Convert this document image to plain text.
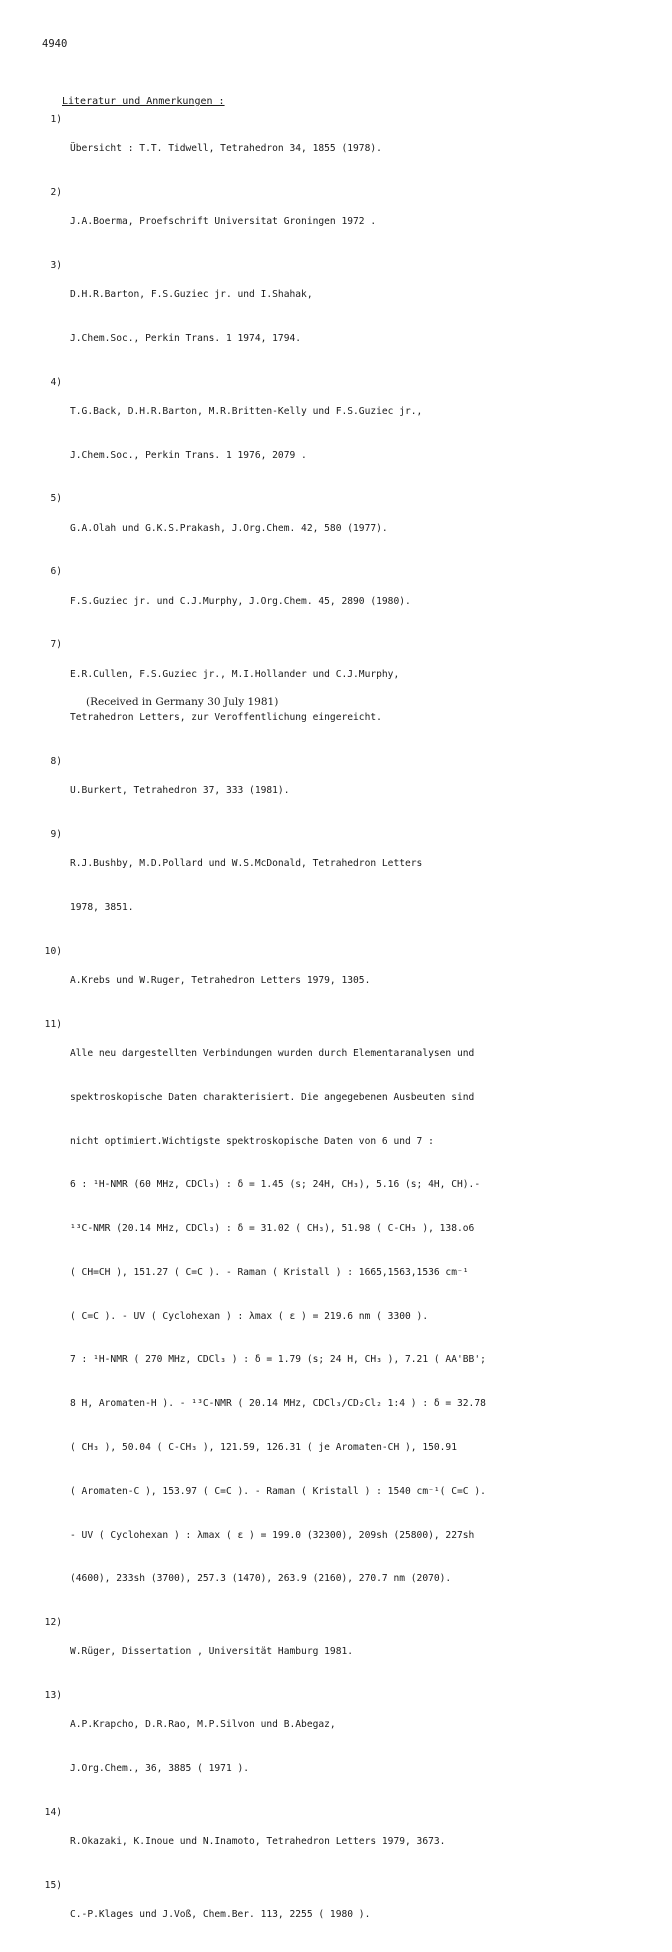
4940
Literatur und Anmerkungen :
1)

Übersicht : T.T. Tidwell, Tetrahedron 34, 1855 (1978).

2)

J.A.Boerma, Proefschrift Universitat Groningen 1972 .

3)

D.H.R.Barton, F.S.Guziec jr. und I.Shahak,

J.Chem.Soc., Perkin Trans. 1 1974, 1794.

4)

T.G.Back, D.H.R.Barton, M.R.Britten-Kelly und F.S.Guziec jr.,

J.Chem.Soc., Perkin Trans. 1 1976, 2079 .

5)

G.A.Olah und G.K.S.Prakash, J.Org.Chem. 42, 580 (1977).

6)

F.S.Guziec jr. und C.J.Murphy, J.Org.Chem. 45, 2890 (1980).

7)

E.R.Cullen, F.S.Guziec jr., M.I.Hollander und C.J.Murphy,

Tetrahedron Letters, zur Veroffentlichung eingereicht.

8)

U.Burkert, Tetrahedron 37, 333 (1981).

9)

R.J.Bushby, M.D.Pollard und W.S.McDonald, Tetrahedron Letters

1978, 3851.

10)

A.Krebs und W.Ruger, Tetrahedron Letters 1979, 1305.

11)

Alle neu dargestellten Verbindungen wurden durch Elementaranalysen und

spektroskopische Daten charakterisiert. Die angegebenen Ausbeuten sind

nicht optimiert.Wichtigste spektroskopische Daten von 6 und 7 :

6 : ¹H-NMR (60 MHz, CDCl₃) : δ = 1.45 (s; 24H, CH₃), 5.16 (s; 4H, CH).-

¹³C-NMR (20.14 MHz, CDCl₃) : δ = 31.02 ( CH₃), 51.98 ( C-CH₃ ), 138.o6

( CH=CH ), 151.27 ( C=C ). - Raman ( Kristall ) : 1665,1563,1536 cm⁻¹

( C=C ). - UV ( Cyclohexan ) : λmax ( ε ) = 219.6 nm ( 3300 ).

7 : ¹H-NMR ( 270 MHz, CDCl₃ ) : δ = 1.79 (s; 24 H, CH₃ ), 7.21 ( AA'BB';

8 H, Aromaten-H ). - ¹³C-NMR ( 20.14 MHz, CDCl₃/CD₂Cl₂ 1:4 ) : δ = 32.78

( CH₃ ), 50.04 ( C-CH₃ ), 121.59, 126.31 ( je Aromaten-CH ), 150.91

( Aromaten-C ), 153.97 ( C=C ). - Raman ( Kristall ) : 1540 cm⁻¹( C=C ).

- UV ( Cyclohexan ) : λmax ( ε ) = 199.0 (32300), 209sh (25800), 227sh

(4600), 233sh (3700), 257.3 (1470), 263.9 (2160), 270.7 nm (2070).

12)

W.Rüger, Dissertation , Universität Hamburg 1981.

13)

A.P.Krapcho, D.R.Rao, M.P.Silvon und B.Abegaz,

J.Org.Chem., 36, 3885 ( 1971 ).

14)

R.Okazaki, K.Inoue und N.Inamoto, Tetrahedron Letters 1979, 3673.

15)

C.-P.Klages und J.Voß, Chem.Ber. 113, 2255 ( 1980 ).

(Received in Germany 30 July 1981)
